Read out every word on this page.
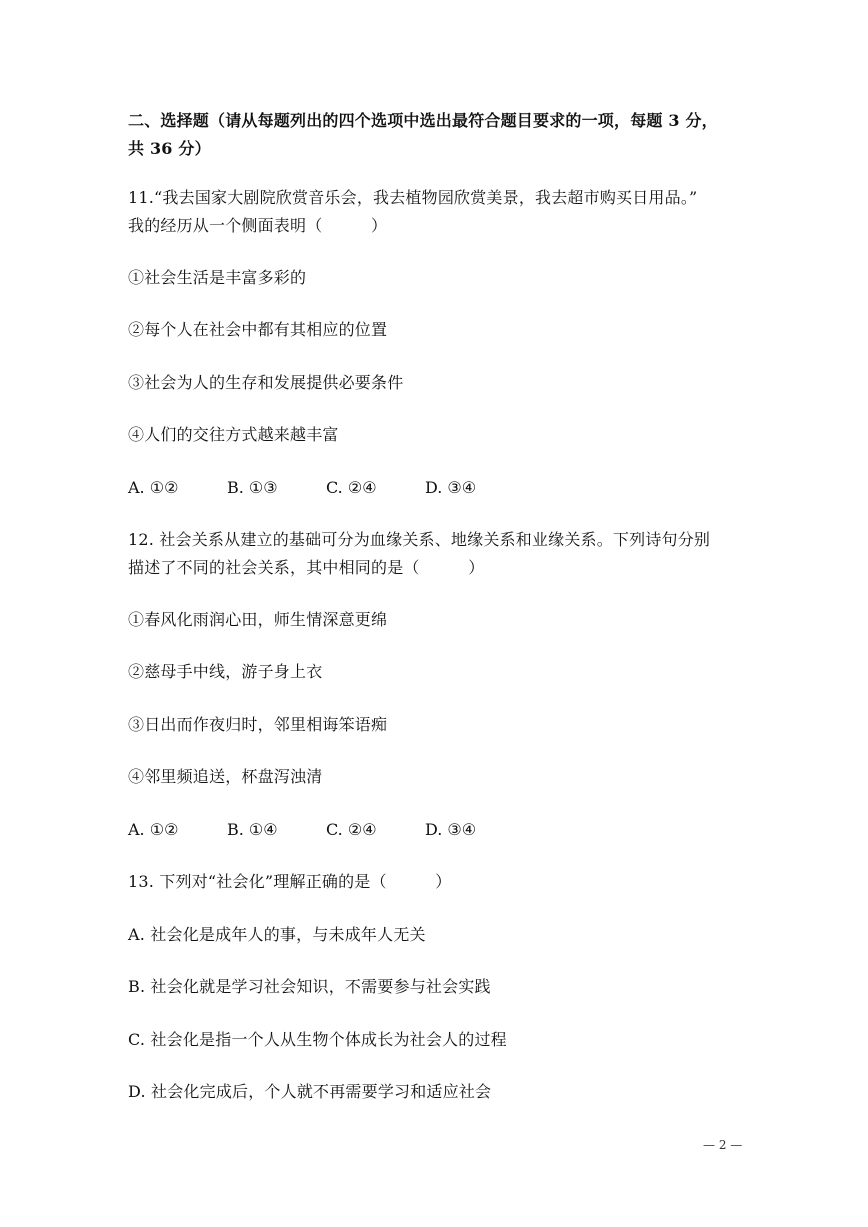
二、选择题（请从每题列出的四个选项中选出最符合题目要求的一项，每题 3 分，
共 36 分）
11.“我去国家大剧院欣赏音乐会，我去植物园欣赏美景，我去超市购买日用品。”
我的经历从一个侧面表明（　　　）
①社会生活是丰富多彩的
②每个人在社会中都有其相应的位置
③社会为人的生存和发展提供必要条件
④人们的交往方式越来越丰富
A. ①②	B. ①③	C. ②④	D. ③④
12. 社会关系从建立的基础可分为血缘关系、地缘关系和业缘关系。下列诗句分别
描述了不同的社会关系，其中相同的是（　　　）
①春风化雨润心田，师生情深意更绵
②慈母手中线，游子身上衣
③日出而作夜归时，邻里相诲笨语痴
④邻里频追送，杯盘泻浊清
A. ①②	B. ①④	C. ②④	D. ③④
13. 下列对“社会化”理解正确的是（　　　）
A. 社会化是成年人的事，与未成年人无关
B. 社会化就是学习社会知识，不需要参与社会实践
C. 社会化是指一个人从生物个体成长为社会人的过程
D. 社会化完成后，个人就不再需要学习和适应社会
— 2 —
